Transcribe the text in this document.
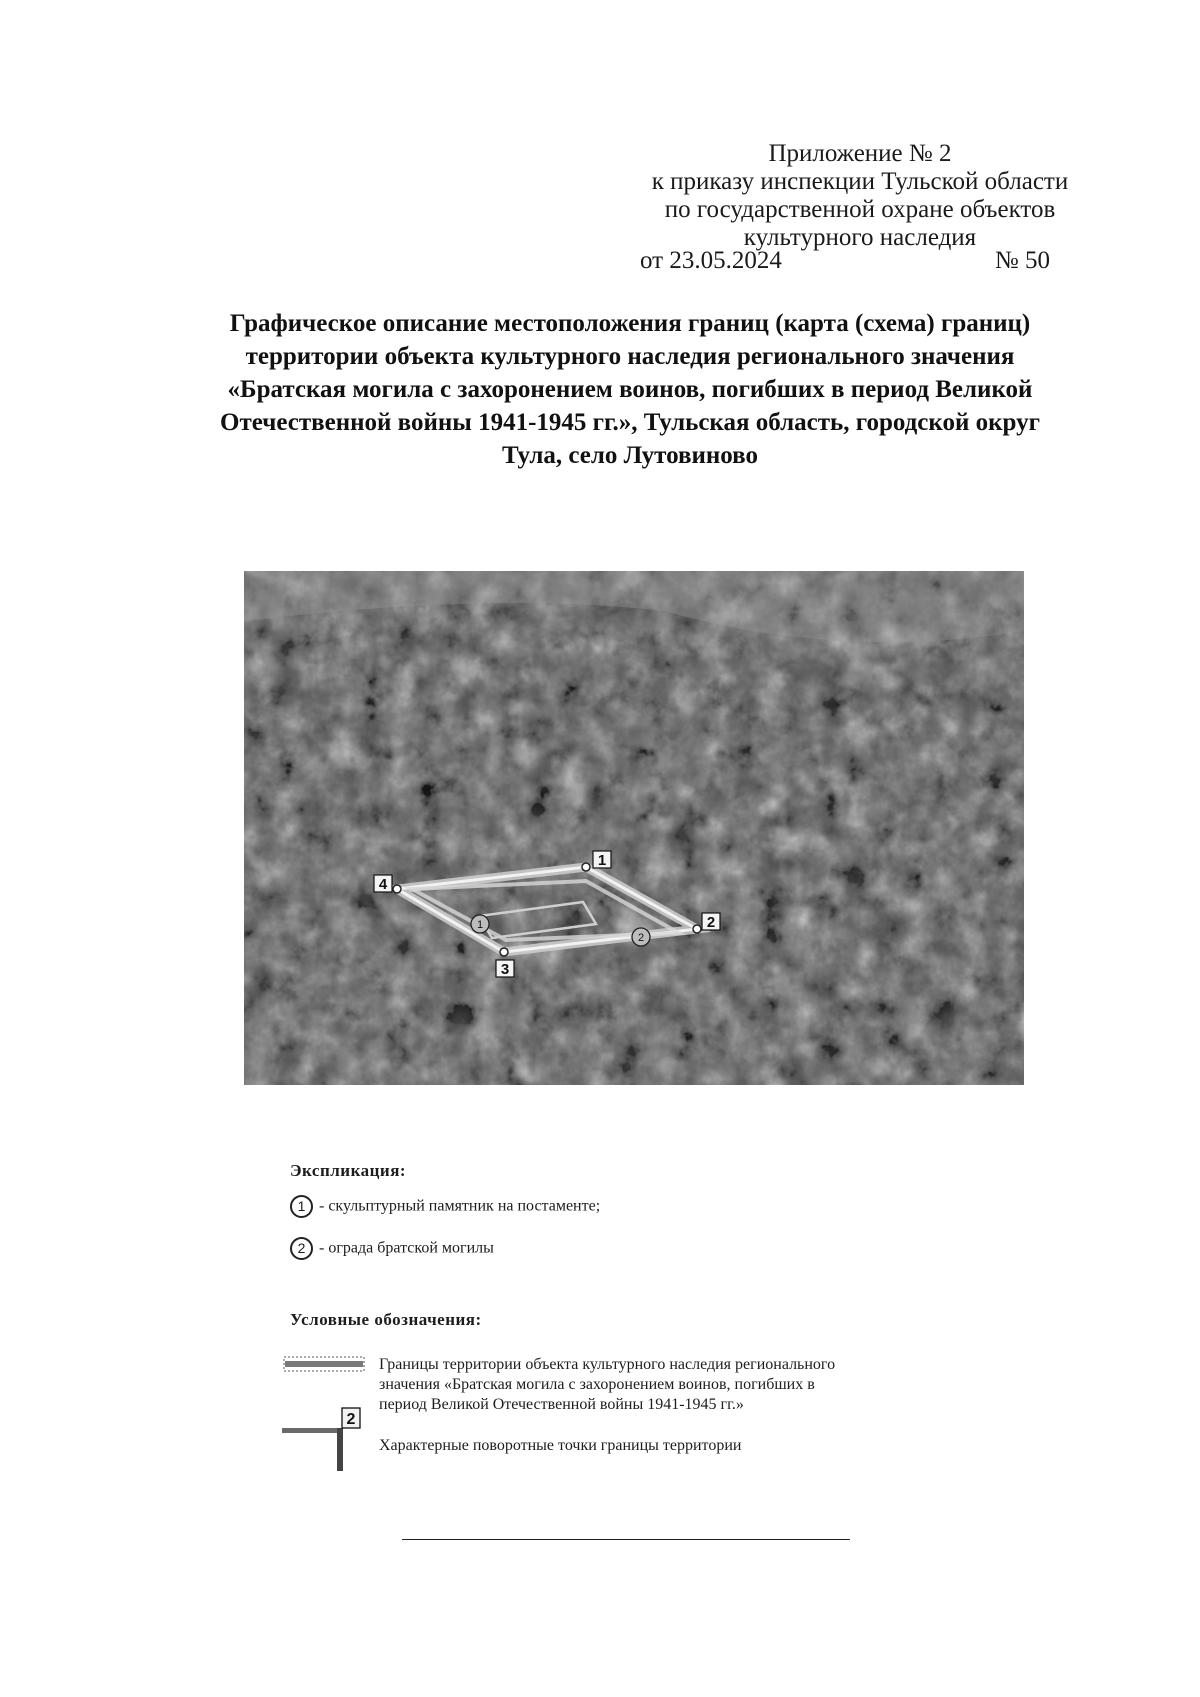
Приложение № 2
к приказу инспекции Тульской области
по государственной охране объектов
культурного наследия
от 23.05.2024	№ 50
Графическое описание местоположения границ (карта (схема) границ)
территории объекта культурного наследия регионального значения
«Братская могила с захоронением воинов, погибших в период Великой
Отечественной войны 1941-1945 гг.», Тульская область, городской округ
Тула, село Лутовиново
1
2
3
4
1
2
Экспликация:
1 - скульптурный памятник на постаменте;
2 - ограда братской могилы
Условные обозначения:
Границы территории объекта культурного наследия регионального
значения «Братская могила с захоронением воинов, погибших в
период Великой Отечественной войны 1941-1945 гг.»
2
Характерные поворотные точки границы территории
